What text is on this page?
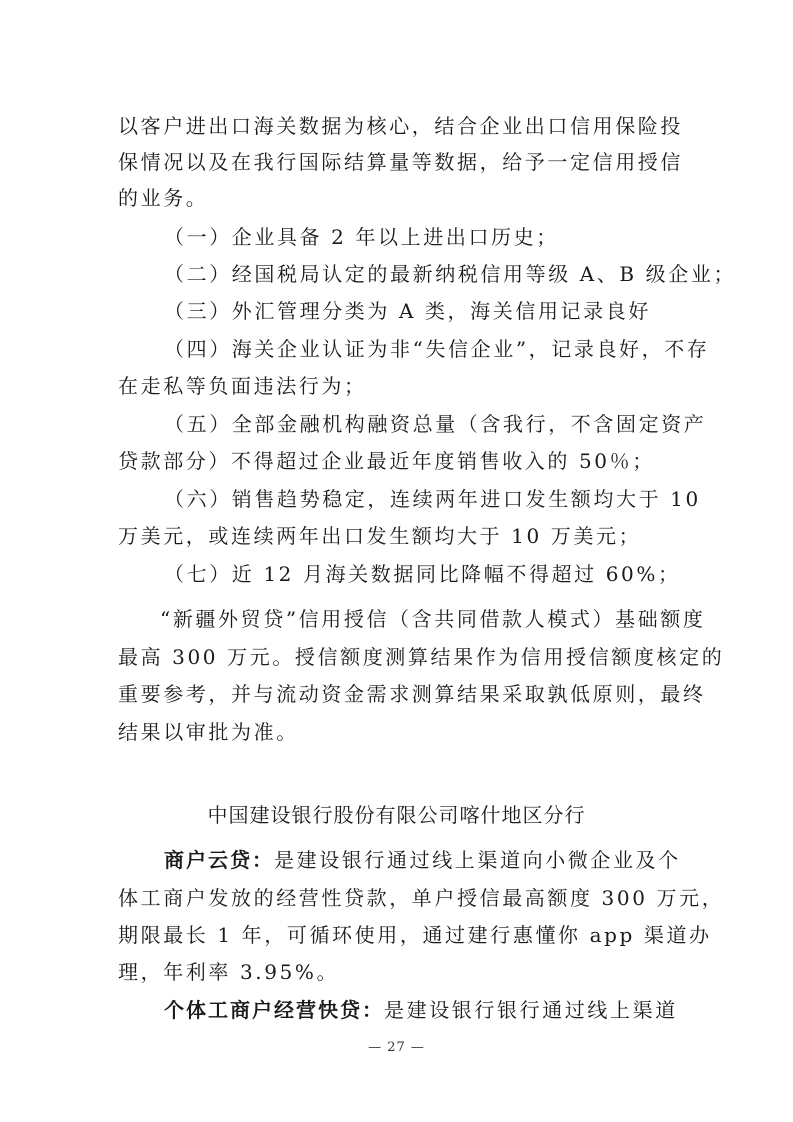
以客户进出口海关数据为核心，结合企业出口信用保险投
保情况以及在我行国际结算量等数据，给予一定信用授信
的业务。
（一）企业具备 2 年以上进出口历史；
（二）经国税局认定的最新纳税信用等级 A、B 级企业；
（三）外汇管理分类为 A 类，海关信用记录良好
（四）海关企业认证为非“失信企业”，记录良好，不存
在走私等负面违法行为；
（五）全部金融机构融资总量（含我行，不含固定资产
贷款部分）不得超过企业最近年度销售收入的 50％；
（六）销售趋势稳定，连续两年进口发生额均大于 10
万美元，或连续两年出口发生额均大于 10 万美元；
（七）近 12 月海关数据同比降幅不得超过 60%；
“新疆外贸贷”信用授信（含共同借款人模式）基础额度
最高 300 万元。授信额度测算结果作为信用授信额度核定的
重要参考，并与流动资金需求测算结果采取孰低原则，最终
结果以审批为准。
中国建设银行股份有限公司喀什地区分行
商户云贷：是建设银行通过线上渠道向小微企业及个
体工商户发放的经营性贷款，单户授信最高额度 300 万元，
期限最长 1 年，可循环使用，通过建行惠懂你 app 渠道办
理，年利率 3.95%。
个体工商户经营快贷：是建设银行银行通过线上渠道
— 27 —
